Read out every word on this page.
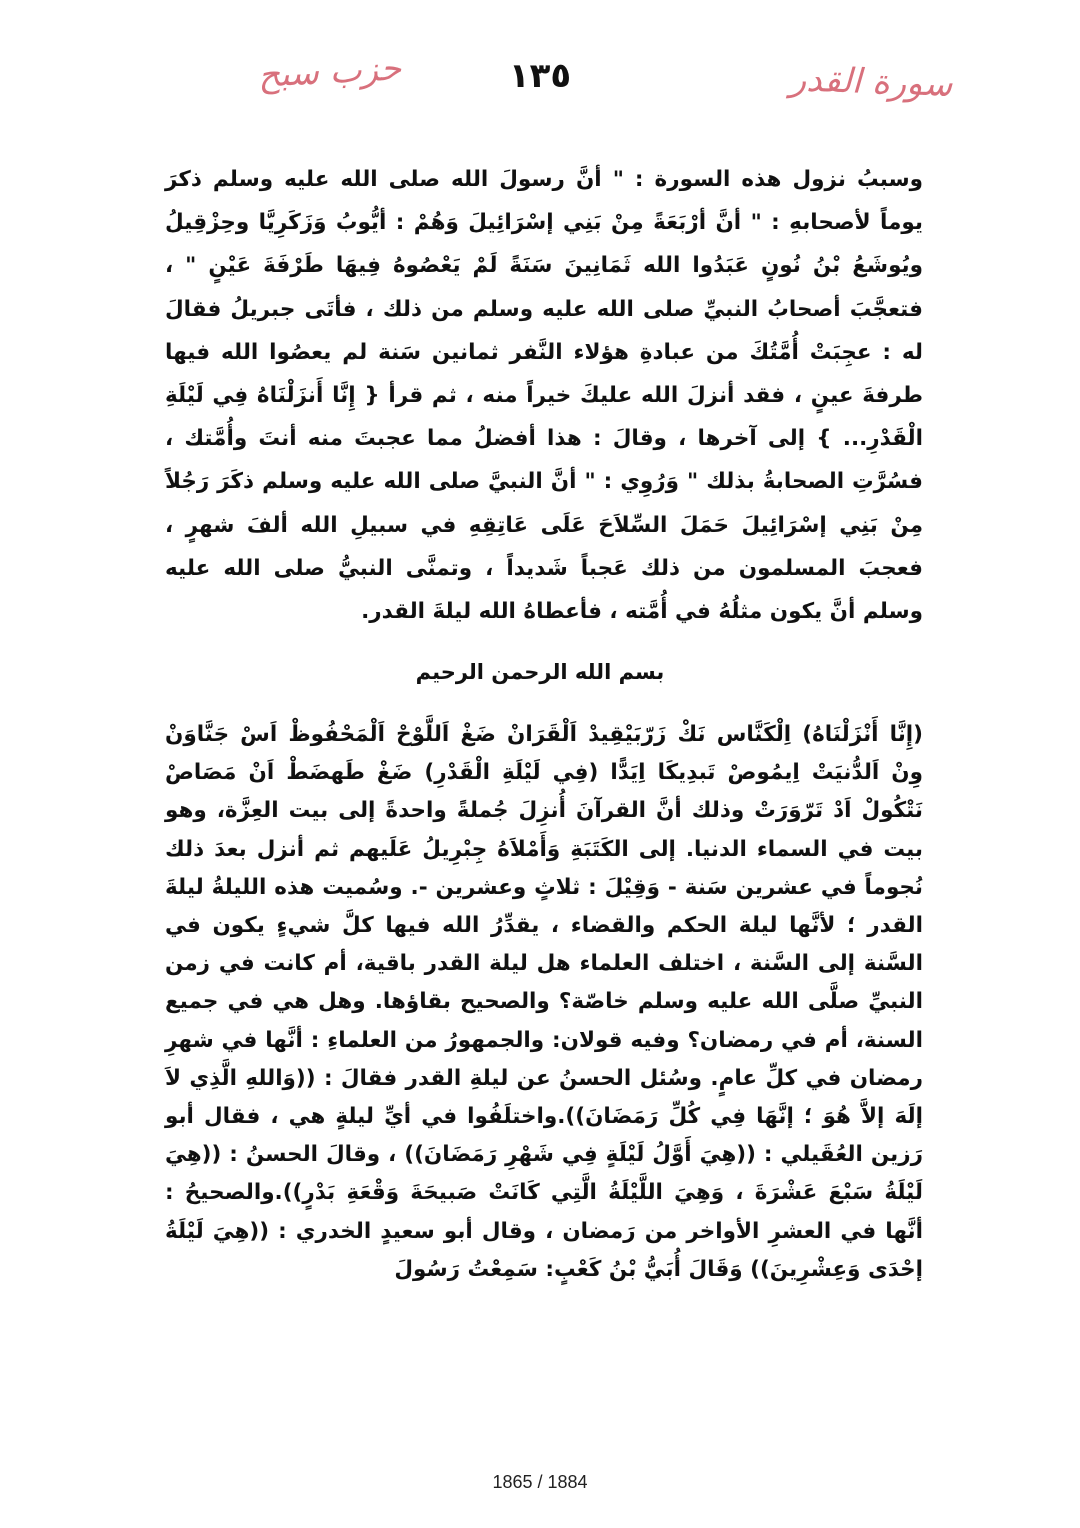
حزب سبح	١٣٥	سورة القدر
وسببُ نزول هذه السورة : " أنَّ رسولَ الله صلى الله عليه وسلم ذكرَ يوماً لأصحابهِ : " أنَّ أرْبَعَةً مِنْ بَنِي إسْرَائِيلَ وَهُمْ : أيُّوبُ وَزَكَرِيَّا وحِزْقِيلُ ويُوشَعُ بْنُ نُونٍ عَبَدُوا الله ثَمَانِينَ سَنَةً لَمْ يَعْصُوهُ فِيهَا طَرْفَةَ عَيْنٍ " ، فتعجَّبَ أصحابُ النبيِّ صلى الله عليه وسلم من ذلك ، فأتَى جبريلُ فقالَ له : عجِبَتْ أُمَّتُكَ من عبادةِ هؤلاء النَّفر ثمانين سَنة لم يعصُوا الله فيها طرفةَ عينٍ ، فقد أنزلَ الله عليكَ خيراً منه ، ثم قرأ { إِنَّا أَنزَلْنَاهُ فِي لَيْلَةِ الْقَدْرِ... } إلى آخرها ، وقالَ : هذا أفضلُ مما عجبتَ منه أنتَ وأُمَّتك ، فسُرَّتِ الصحابةُ بذلك " وَرُوِي : " أنَّ النبيَّ صلى الله عليه وسلم ذكَرَ رَجُلاً مِنْ بَنِي إسْرَائِيلَ حَمَلَ السِّلاَحَ عَلَى عَاتِقِهِ في سبيلِ الله ألفَ شهرٍ ، فعجبَ المسلمون من ذلك عَجباً شَديداً ، وتمنَّى النبيُّ صلى الله عليه وسلم أنَّ يكون مثلُهُ في أُمَّته ، فأعطاهُ الله ليلةَ القدر.
بسم الله الرحمن الرحيم
(إِنَّا أَنْزَلْنَاهُ) اِلْكَنَّاس نَكْ زَرّبَيْقِيدْ اَلْقَرَانْ ضَغْ اَللَّوْحْ اَلْمَحْفُوظْ اَسْ جَنَّاوَنْ وِنْ اَلدُّنيَتْ اِيمُوصْ تَبدِيكَا اِيَدًّا (فِي لَيْلَةِ الْقَدْرِ) ضَغْ طَهضَطْ اَنْ مَصَاصْ نَتْكُولْ اَدْ تَرّوَرَتْ وذلك أنَّ القرآنَ أُنزِلَ جُملةً واحدةً إلى بيت العِزَّة، وهو بيت في السماء الدنيا. إلى الكَتَبَةِ وَأَمْلاَهُ جِبْرِيلُ عَلَيهم ثم أنزل بعدَ ذلك نُجوماً في عشرين سَنة - وَقِيْلَ : ثلاثٍ وعشرين -. وسُميت هذه الليلةُ ليلةَ القدر ؛ لأنَّها ليلة الحكم والقضاء ، يقدِّرُ الله فيها كلَّ شيءٍ يكون في السَّنة إلى السَّنة ، اختلف العلماء هل ليلة القدر باقية، أم كانت في زمن النبيِّ صلَّى الله عليه وسلم خاصّة؟ والصحيح بقاؤها. وهل هي في جميع السنة، أم في رمضان؟ وفيه قولان: والجمهورُ من العلماءِ : أنَّها في شهرِ رمضان في كلِّ عامٍ. وسُئل الحسنُ عن ليلةِ القدر فقالَ : ((وَاللهِ الَّذِي لاَ إلَهَ إلاَّ هُوَ ؛ إنَّهَا فِي كُلِّ رَمَضَانَ)).واختلَفُوا في أيِّ ليلةٍ هي ، فقال أبو رَزين العُقَيلي : ((هِيَ أَوَّلُ لَيْلَةٍ فِي شَهْرِ رَمَضَانَ)) ، وقالَ الحسنُ : ((هِيَ لَيْلَةُ سَبْعَ عَشْرَةَ ، وَهِيَ اللَّيْلَةُ الَّتِي كَانَتْ صَبيحَةَ وَقْعَةِ بَدْرٍ)).والصحيحُ : أنَّها في العشرِ الأواخر من رَمضان ، وقال أبو سعيدٍ الخدري : ((هِيَ لَيْلَةُ إحْدَى وَعِشْرِينَ)) وَقَالَ أُبَيُّ بْنُ كَعْبٍ: سَمِعْتُ رَسُولَ
1865 / 1884
